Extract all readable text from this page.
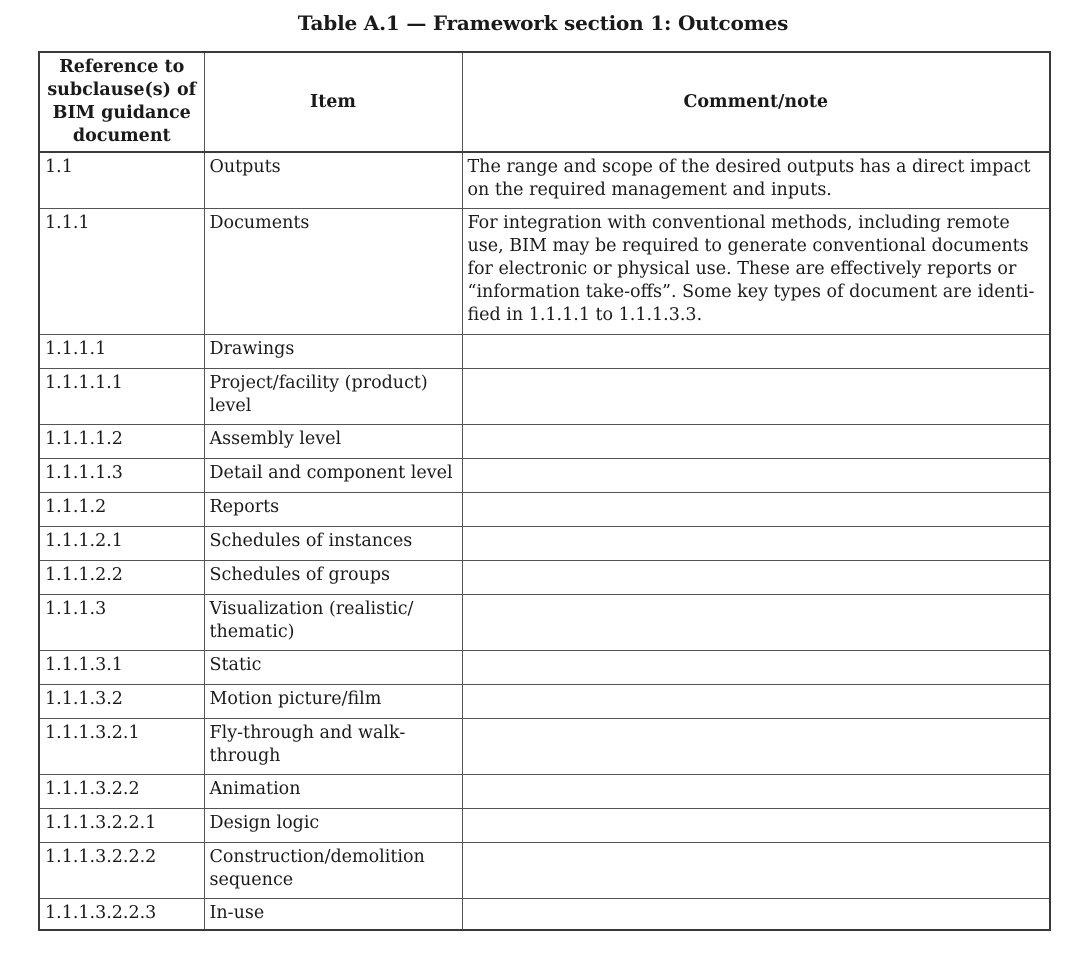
Table A.1 — Framework section 1: Outcomes
Reference to subclause(s) of BIM guidance document	Item	Comment/note
1.1	Outputs	The range and scope of the desired outputs has a direct impact on the required management and inputs.
1.1.1	Documents	For integration with conventional methods, including remote use, BIM may be required to generate conventional documents for electronic or physical use. These are effectively reports or “information take-offs”. Some key types of document are identified in 1.1.1.1 to 1.1.1.3.3.
1.1.1.1	Drawings	
1.1.1.1.1	Project/facility (product) level	
1.1.1.1.2	Assembly level	
1.1.1.1.3	Detail and component level	
1.1.1.2	Reports	
1.1.1.2.1	Schedules of instances	
1.1.1.2.2	Schedules of groups	
1.1.1.3	Visualization (realistic/​thematic)	
1.1.1.3.1	Static	
1.1.1.3.2	Motion picture/film	
1.1.1.3.2.1	Fly-through and walk-through	
1.1.1.3.2.2	Animation	
1.1.1.3.2.2.1	Design logic	
1.1.1.3.2.2.2	Construction/demolition sequence	
1.1.1.3.2.2.3	In-use	
